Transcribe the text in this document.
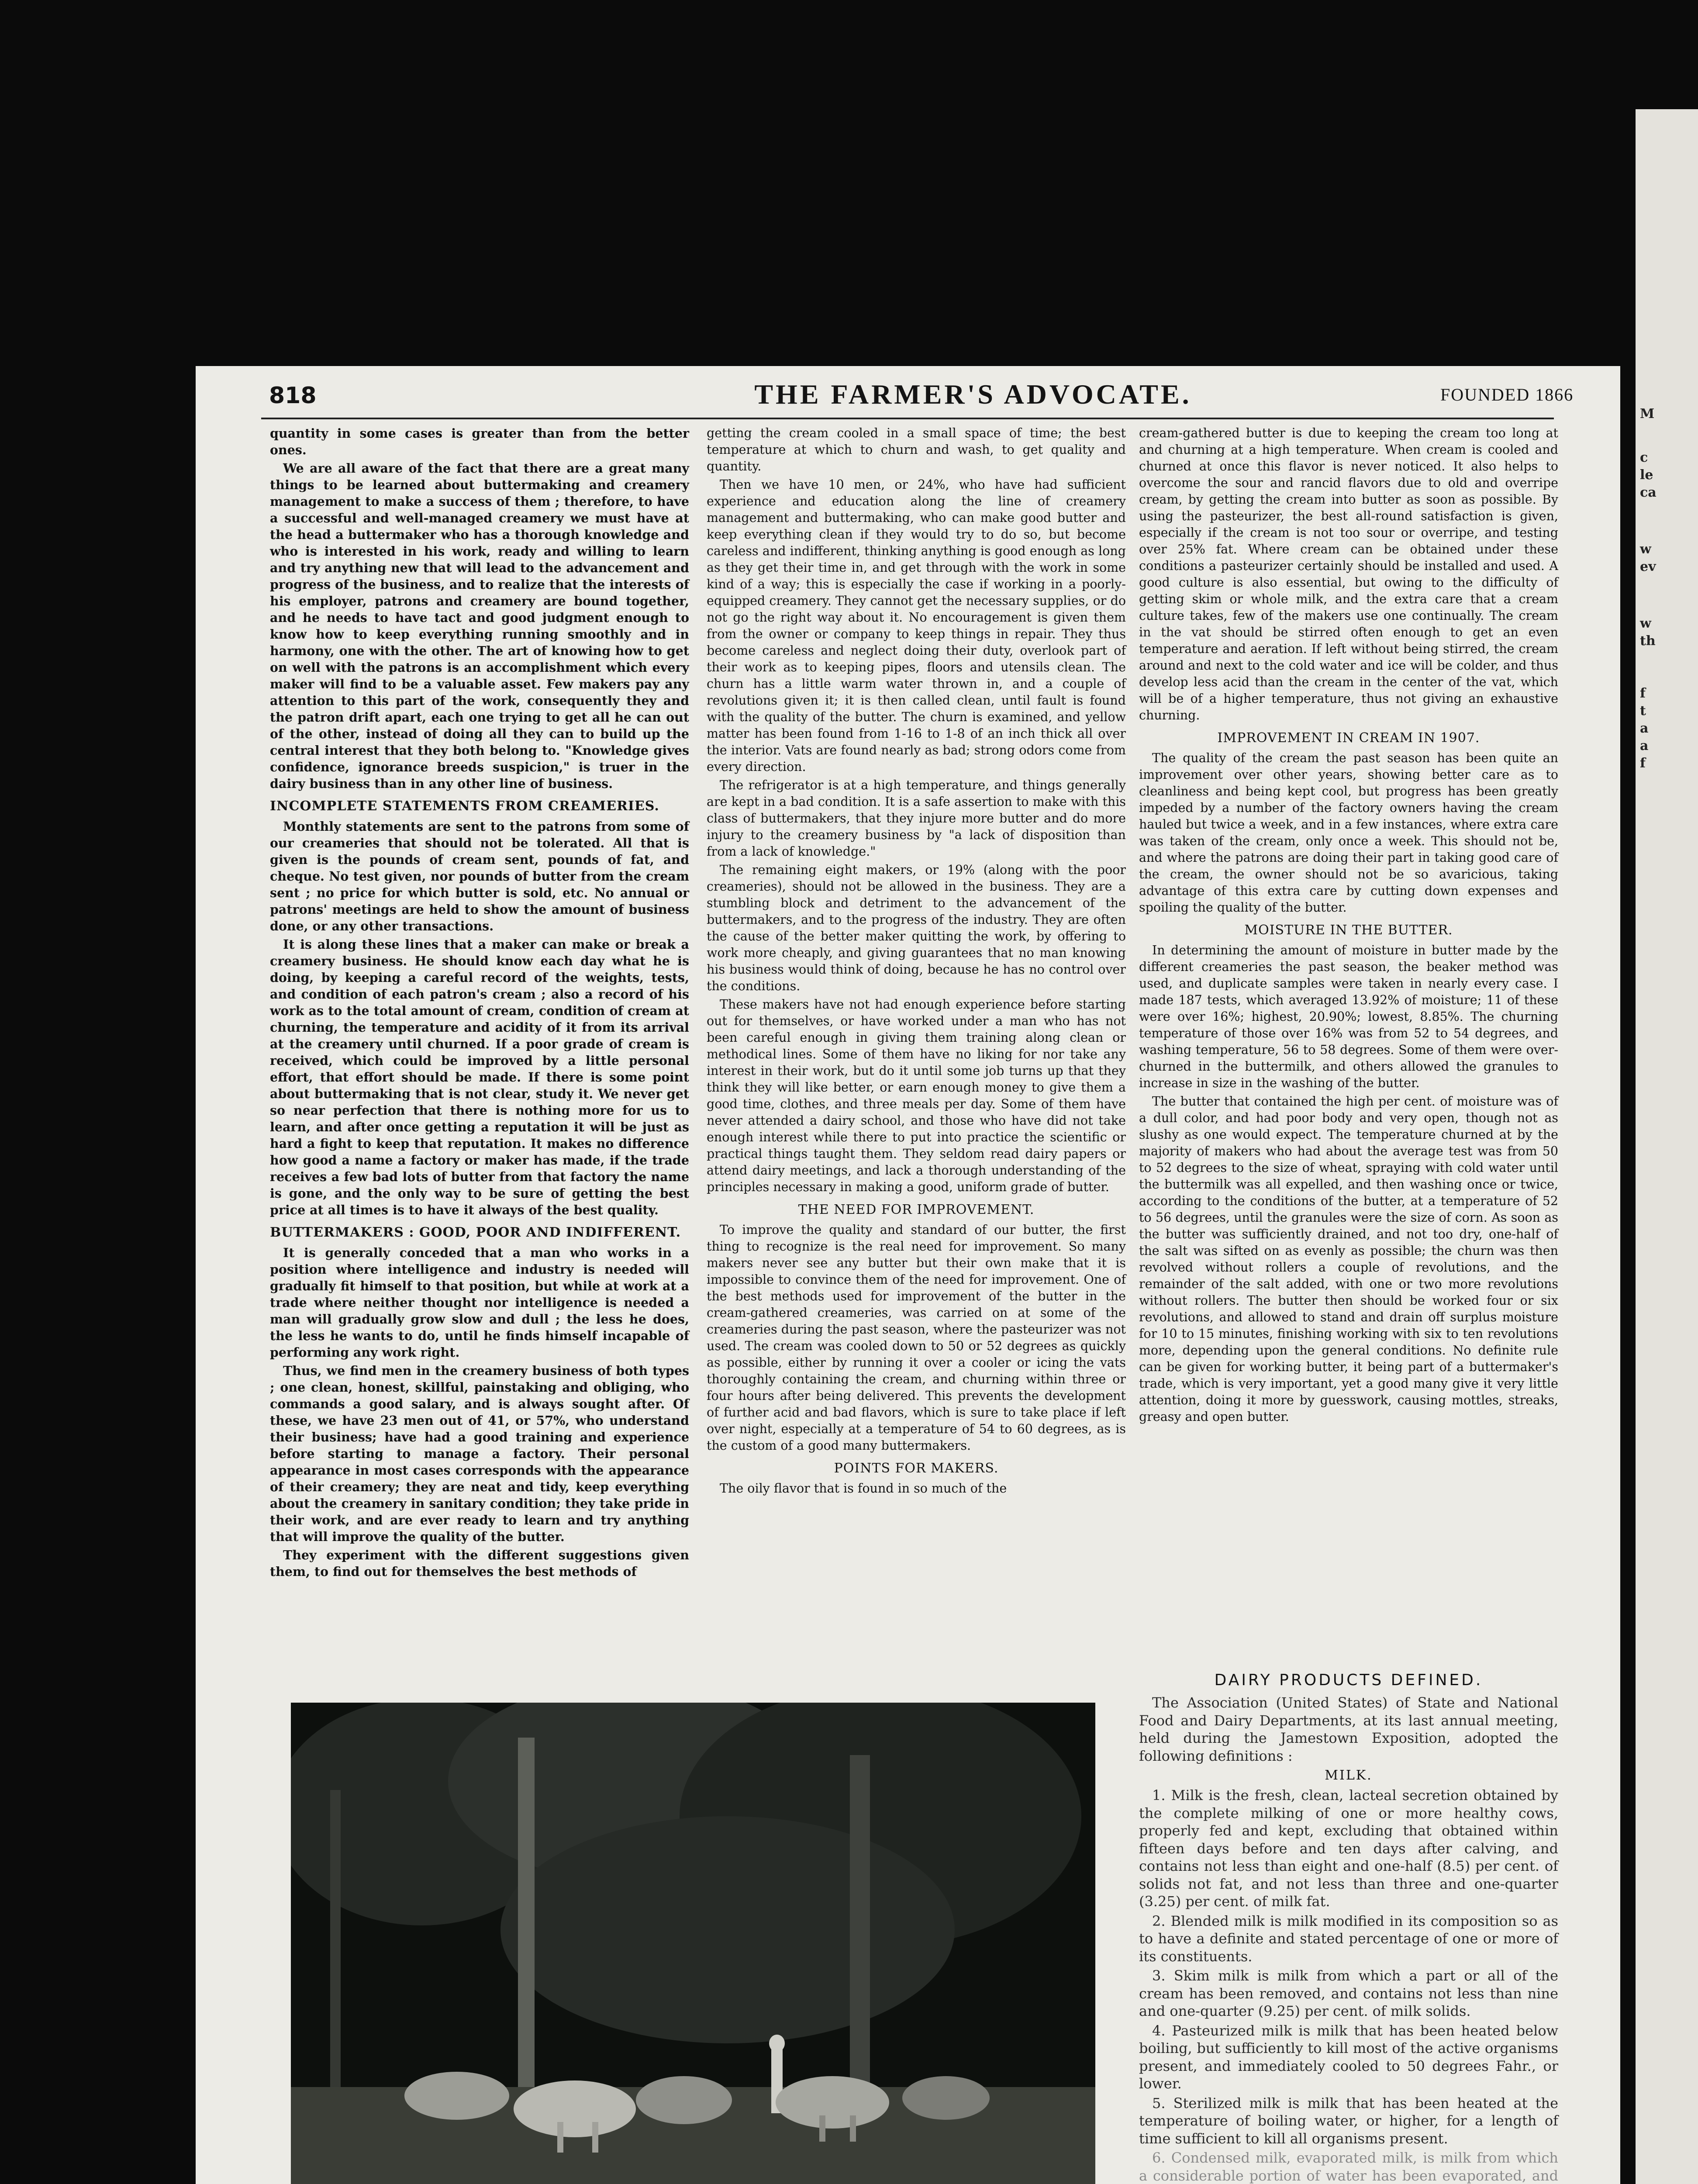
M

c

le

ca

w

ev

w

th

f

t

a

a

f

818	THE FARMER'S ADVOCATE.	FOUNDED 1866

quantity in some cases is greater than from the better ones.

We are all aware of the fact that there are a great many things to be learned about buttermaking and creamery management to make a success of them ; therefore, to have a successful and well-managed creamery we must have at the head a buttermaker who has a thorough knowledge and who is interested in his work, ready and willing to learn and try anything new that will lead to the advancement and progress of the business, and to realize that the interests of his employer, patrons and creamery are bound together, and he needs to have tact and good judgment enough to know how to keep everything running smoothly and in harmony, one with the other. The art of knowing how to get on well with the patrons is an accomplishment which every maker will find to be a valuable asset. Few makers pay any attention to this part of the work, consequently they and the patron drift apart, each one trying to get all he can out of the other, instead of doing all they can to build up the central interest that they both belong to. "Knowledge gives confidence, ignorance breeds suspicion," is truer in the dairy business than in any other line of business.

INCOMPLETE STATEMENTS FROM CREAMERIES.

Monthly statements are sent to the patrons from some of our creameries that should not be tolerated. All that is given is the pounds of cream sent, pounds of fat, and cheque. No test given, nor pounds of butter from the cream sent ; no price for which butter is sold, etc. No annual or patrons' meetings are held to show the amount of business done, or any other transactions.

It is along these lines that a maker can make or break a creamery business. He should know each day what he is doing, by keeping a careful record of the weights, tests, and condition of each patron's cream ; also a record of his work as to the total amount of cream, condition of cream at churning, the temperature and acidity of it from its arrival at the creamery until churned. If a poor grade of cream is received, which could be improved by a little personal effort, that effort should be made. If there is some point about buttermaking that is not clear, study it. We never get so near perfection that there is nothing more for us to learn, and after once getting a reputation it will be just as hard a fight to keep that reputation. It makes no difference how good a name a factory or maker has made, if the trade receives a few bad lots of butter from that factory the name is gone, and the only way to be sure of getting the best price at all times is to have it always of the best quality.

BUTTERMAKERS : GOOD, POOR AND INDIFFERENT.

It is generally conceded that a man who works in a position where intelligence and industry is needed will gradually fit himself to that position, but while at work at a trade where neither thought nor intelligence is needed a man will gradually grow slow and dull ; the less he does, the less he wants to do, until he finds himself incapable of performing any work right.

Thus, we find men in the creamery business of both types ; one clean, honest, skillful, painstaking and obliging, who commands a good salary, and is always sought after. Of these, we have 23 men out of 41, or 57%, who understand their business; have had a good training and experience before starting to manage a factory. Their personal appearance in most cases corresponds with the appearance of their creamery; they are neat and tidy, keep everything about the creamery in sanitary condition; they take pride in their work, and are ever ready to learn and try anything that will improve the quality of the butter.

They experiment with the different suggestions given them, to find out for themselves the best methods of

getting the cream cooled in a small space of time; the best temperature at which to churn and wash, to get quality and quantity.

Then we have 10 men, or 24%, who have had sufficient experience and education along the line of creamery management and buttermaking, who can make good butter and keep everything clean if they would try to do so, but become careless and indifferent, thinking anything is good enough as long as they get their time in, and get through with the work in some kind of a way; this is especially the case if working in a poorly-equipped creamery. They cannot get the necessary supplies, or do not go the right way about it. No encouragement is given them from the owner or company to keep things in repair. They thus become careless and neglect doing their duty, overlook part of their work as to keeping pipes, floors and utensils clean. The churn has a little warm water thrown in, and a couple of revolutions given it; it is then called clean, until fault is found with the quality of the butter. The churn is examined, and yellow matter has been found from 1-16 to 1-8 of an inch thick all over the interior. Vats are found nearly as bad; strong odors come from every direction.

The refrigerator is at a high temperature, and things generally are kept in a bad condition. It is a safe assertion to make with this class of buttermakers, that they injure more butter and do more injury to the creamery business by "a lack of disposition than from a lack of knowledge."

The remaining eight makers, or 19% (along with the poor creameries), should not be allowed in the business. They are a stumbling block and detriment to the advancement of the buttermakers, and to the progress of the industry. They are often the cause of the better maker quitting the work, by offering to work more cheaply, and giving guarantees that no man knowing his business would think of doing, because he has no control over the conditions.

These makers have not had enough experience before starting out for themselves, or have worked under a man who has not been careful enough in giving them training along clean or methodical lines. Some of them have no liking for nor take any interest in their work, but do it until some job turns up that they think they will like better, or earn enough money to give them a good time, clothes, and three meals per day. Some of them have never attended a dairy school, and those who have did not take enough interest while there to put into practice the scientific or practical things taught them. They seldom read dairy papers or attend dairy meetings, and lack a thorough understanding of the principles necessary in making a good, uniform grade of butter.

THE NEED FOR IMPROVEMENT.

To improve the quality and standard of our butter, the first thing to recognize is the real need for improvement. So many makers never see any butter but their own make that it is impossible to convince them of the need for improvement. One of the best methods used for improvement of the butter in the cream-gathered creameries, was carried on at some of the creameries during the past season, where the pasteurizer was not used. The cream was cooled down to 50 or 52 degrees as quickly as possible, either by running it over a cooler or icing the vats thoroughly containing the cream, and churning within three or four hours after being delivered. This prevents the development of further acid and bad flavors, which is sure to take place if left over night, especially at a temperature of 54 to 60 degrees, as is the custom of a good many buttermakers.

POINTS FOR MAKERS.

The oily flavor that is found in so much of the

cream-gathered butter is due to keeping the cream too long at and churning at a high temperature. When cream is cooled and churned at once this flavor is never noticed. It also helps to overcome the sour and rancid flavors due to old and overripe cream, by getting the cream into butter as soon as possible. By using the pasteurizer, the best all-round satisfaction is given, especially if the cream is not too sour or overripe, and testing over 25% fat. Where cream can be obtained under these conditions a pasteurizer certainly should be installed and used. A good culture is also essential, but owing to the difficulty of getting skim or whole milk, and the extra care that a cream culture takes, few of the makers use one continually. The cream in the vat should be stirred often enough to get an even temperature and aeration. If left without being stirred, the cream around and next to the cold water and ice will be colder, and thus develop less acid than the cream in the center of the vat, which will be of a higher temperature, thus not giving an exhaustive churning.

IMPROVEMENT IN CREAM IN 1907.

The quality of the cream the past season has been quite an improvement over other years, showing better care as to cleanliness and being kept cool, but progress has been greatly impeded by a number of the factory owners having the cream hauled but twice a week, and in a few instances, where extra care was taken of the cream, only once a week. This should not be, and where the patrons are doing their part in taking good care of the cream, the owner should not be so avaricious, taking advantage of this extra care by cutting down expenses and spoiling the quality of the butter.

MOISTURE IN THE BUTTER.

In determining the amount of moisture in butter made by the different creameries the past season, the beaker method was used, and duplicate samples were taken in nearly every case. I made 187 tests, which averaged 13.92% of moisture; 11 of these were over 16%; highest, 20.90%; lowest, 8.85%. The churning temperature of those over 16% was from 52 to 54 degrees, and washing temperature, 56 to 58 degrees. Some of them were over-churned in the buttermilk, and others allowed the granules to increase in size in the washing of the butter.

The butter that contained the high per cent. of moisture was of a dull color, and had poor body and very open, though not as slushy as one would expect. The temperature churned at by the majority of makers who had about the average test was from 50 to 52 degrees to the size of wheat, spraying with cold water until the buttermilk was all expelled, and then washing once or twice, according to the conditions of the butter, at a temperature of 52 to 56 degrees, until the granules were the size of corn. As soon as the butter was sufficiently drained, and not too dry, one-half of the salt was sifted on as evenly as possible; the churn was then revolved without rollers a couple of revolutions, and the remainder of the salt added, with one or two more revolutions without rollers. The butter then should be worked four or six revolutions, and allowed to stand and drain off surplus moisture for 10 to 15 minutes, finishing working with six to ten revolutions more, depending upon the general conditions. No definite rule can be given for working butter, it being part of a buttermaker's trade, which is very important, yet a good many give it very little attention, doing it more by guesswork, causing mottles, streaks, greasy and open butter.

DAIRY PRODUCTS DEFINED.

The Association (United States) of State and National Food and Dairy Departments, at its last annual meeting, held during the Jamestown Exposition, adopted the following definitions :

MILK.

1. Milk is the fresh, clean, lacteal secretion obtained by the complete milking of one or more healthy cows, properly fed and kept, excluding that obtained within fifteen days before and ten days after calving, and contains not less than eight and one-half (8.5) per cent. of solids not fat, and not less than three and one-quarter (3.25) per cent. of milk fat.

2. Blended milk is milk modified in its composition so as to have a definite and stated percentage of one or more of its constituents.

3. Skim milk is milk from which a part or all of the cream has been removed, and contains not less than nine and one-quarter (9.25) per cent. of milk solids.

4. Pasteurized milk is milk that has been heated below boiling, but sufficiently to kill most of the active organisms present, and immediately cooled to 50 degrees Fahr., or lower.

5. Sterilized milk is milk that has been heated at the temperature of boiling water, or higher, for a length of time sufficient to kill all organisms present.

6. Condensed milk, evaporated milk, is milk from which a considerable portion of water has been evaporated, and
